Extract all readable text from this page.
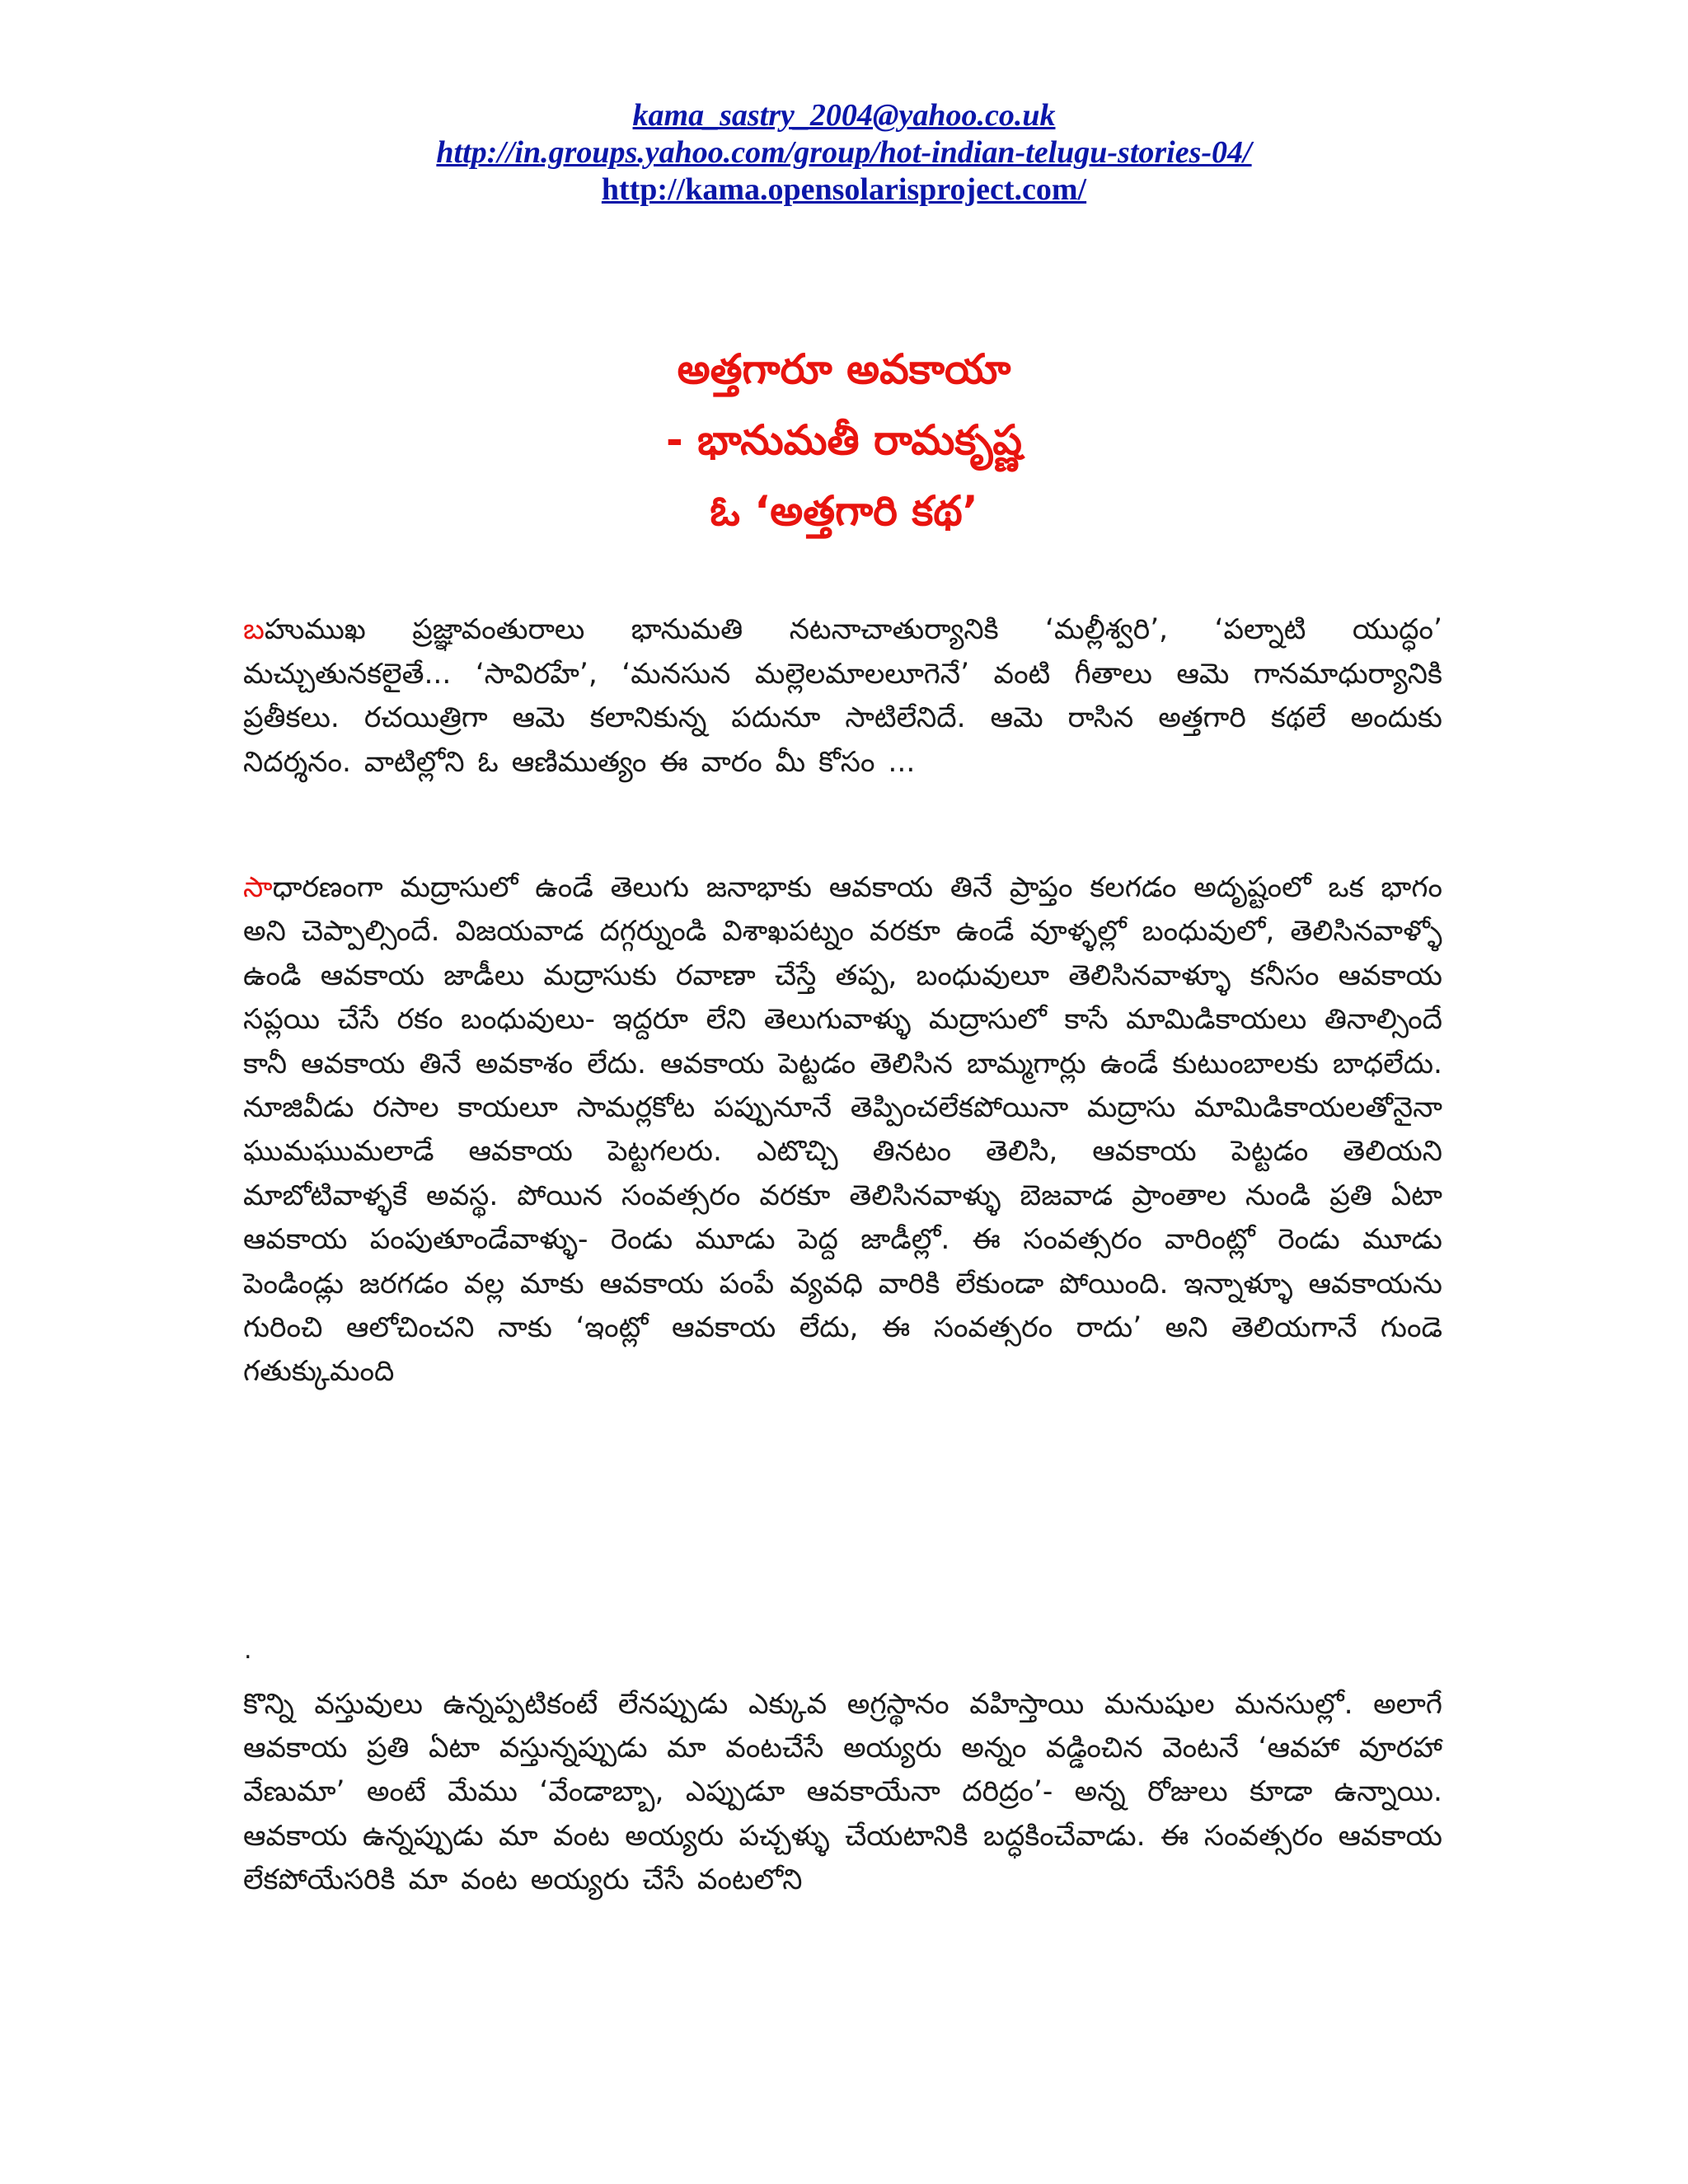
kama_sastry_2004@yahoo.co.uk
http://in.groups.yahoo.com/group/hot-indian-telugu-stories-04/
http://kama.opensolarisproject.com/
అత్తగారూ అవకాయా
- భానుమతీ రామకృష్ణ
ఓ ‘అత్తగారి కథ’

బహుముఖ ప్రజ్ఞావంతురాలు భానుమతి నటనాచాతుర్యానికి ‘మల్లీశ్వరి’, ‘పల్నాటి యుద్ధం’ మచ్చుతునకలైతే... ‘సావిరహే’, ‘మనసున మల్లెలమాలలూగెనే’ వంటి గీతాలు ఆమె గానమాధుర్యానికి ప్రతీకలు. రచయిత్రిగా ఆమె కలానికున్న పదునూ సాటిలేనిదే. ఆమె రాసిన అత్తగారి కథలే అందుకు నిదర్శనం. వాటిల్లోని ఓ ఆణిముత్యం ఈ వారం మీ కోసం ...

సాధారణంగా మద్రాసులో ఉండే తెలుగు జనాభాకు ఆవకాయ తినే ప్రాప్తం కలగడం అదృష్టంలో ఒక భాగం అని చెప్పాల్సిందే. విజయవాడ దగ్గర్నుండి విశాఖపట్నం వరకూ ఉండే వూళ్ళల్లో బంధువులో, తెలిసినవాళ్ళో ఉండి ఆవకాయ జాడీలు మద్రాసుకు రవాణా చేస్తే తప్ప, బంధువులూ తెలిసినవాళ్ళూ కనీసం ఆవకాయ సప్లయి చేసే రకం బంధువులు- ఇద్దరూ లేని తెలుగువాళ్ళు మద్రాసులో కాసే మామిడికాయలు తినాల్సిందే కానీ ఆవకాయ తినే అవకాశం లేదు. ఆవకాయ పెట్టడం తెలిసిన బామ్మగార్లు ఉండే కుటుంబాలకు బాధలేదు. నూజివీడు రసాల కాయలూ సామర్లకోట పప్పునూనే తెప్పించలేకపోయినా మద్రాసు మామిడికాయలతోనైనా ఘుమఘుమలాడే ఆవకాయ పెట్టగలరు. ఎటొచ్చి తినటం తెలిసి, ఆవకాయ పెట్టడం తెలియని మాబోటివాళ్ళకే అవస్థ. పోయిన సంవత్సరం వరకూ తెలిసినవాళ్ళు బెజవాడ ప్రాంతాల నుండి ప్రతి ఏటా ఆవకాయ పంపుతూండేవాళ్ళు- రెండు మూడు పెద్ద జాడీల్లో. ఈ సంవత్సరం వారింట్లో రెండు మూడు పెండిండ్లు జరగడం వల్ల మాకు ఆవకాయ పంపే వ్యవధి వారికి లేకుండా పోయింది. ఇన్నాళ్ళూ ఆవకాయను గురించి ఆలోచించని నాకు ‘ఇంట్లో ఆవకాయ లేదు, ఈ సంవత్సరం రాదు’ అని తెలియగానే గుండె గతుక్కుమంది

.

కొన్ని వస్తువులు ఉన్నప్పటికంటే లేనప్పుడు ఎక్కువ అగ్రస్థానం వహిస్తాయి మనుషుల మనసుల్లో. అలాగే ఆవకాయ ప్రతి ఏటా వస్తున్నప్పుడు మా వంటచేసే అయ్యరు అన్నం వడ్డించిన వెంటనే ‘ఆవహా వూరహా వేణుమా’ అంటే మేము ‘వేండాబ్బా, ఎప్పుడూ ఆవకాయేనా దరిద్రం’- అన్న రోజులు కూడా ఉన్నాయి. ఆవకాయ ఉన్నప్పుడు మా వంట అయ్యరు పచ్చళ్ళు చేయటానికి బద్ధకించేవాడు. ఈ సంవత్సరం ఆవకాయ లేకపోయేసరికి మా వంట అయ్యరు చేసే వంటలోని
